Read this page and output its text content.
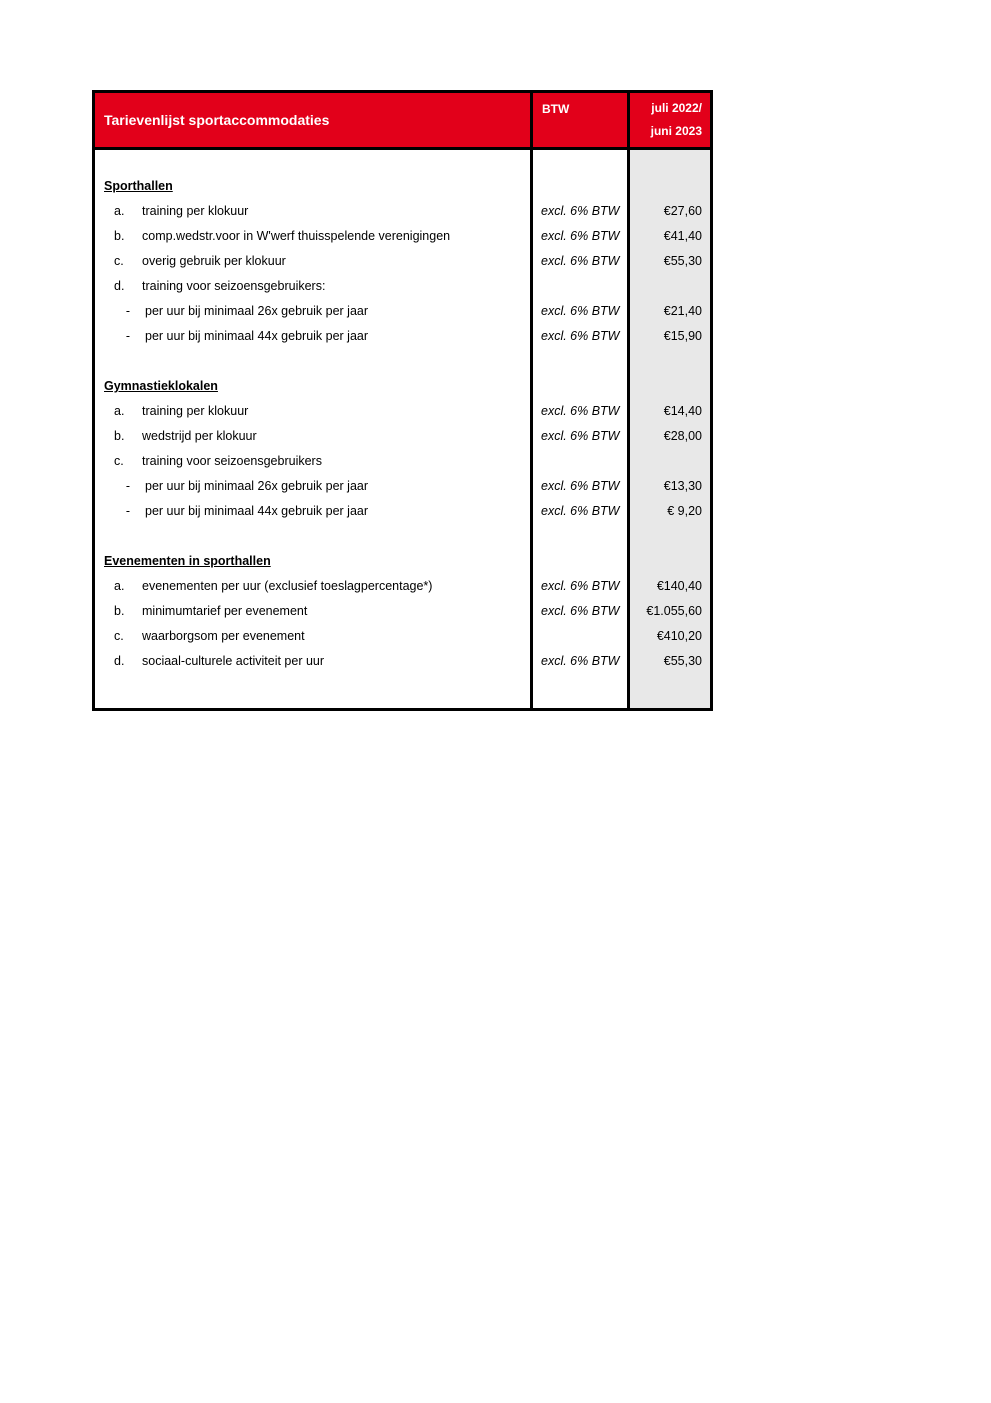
Tarievenlijst sportaccommodaties	BTW	juli 2022/
juni 2023

Sporthallen		
a. training per klokuur	excl. 6% BTW	€27,60
b. comp.wedstr.voor in W'werf thuisspelende verenigingen	excl. 6% BTW	€41,40
c. overig gebruik per klokuur	excl. 6% BTW	€55,30
d. training voor seizoensgebruikers:		
- per uur bij minimaal 26x gebruik per jaar	excl. 6% BTW	€21,40
- per uur bij minimaal 44x gebruik per jaar	excl. 6% BTW	€15,90

Gymnastieklokalen		
a. training per klokuur	excl. 6% BTW	€14,40
b. wedstrijd per klokuur	excl. 6% BTW	€28,00
c. training voor seizoensgebruikers		
- per uur bij minimaal 26x gebruik per jaar	excl. 6% BTW	€13,30
- per uur bij minimaal 44x gebruik per jaar	excl. 6% BTW	€ 9,20

Evenementen in sporthallen		
a. evenementen per uur (exclusief toeslagpercentage*)	excl. 6% BTW	€140,40
b. minimumtarief per evenement	excl. 6% BTW	€1.055,60
c. waarborgsom per evenement		€410,20
d. sociaal-culturele activiteit per uur	excl. 6% BTW	€55,30
